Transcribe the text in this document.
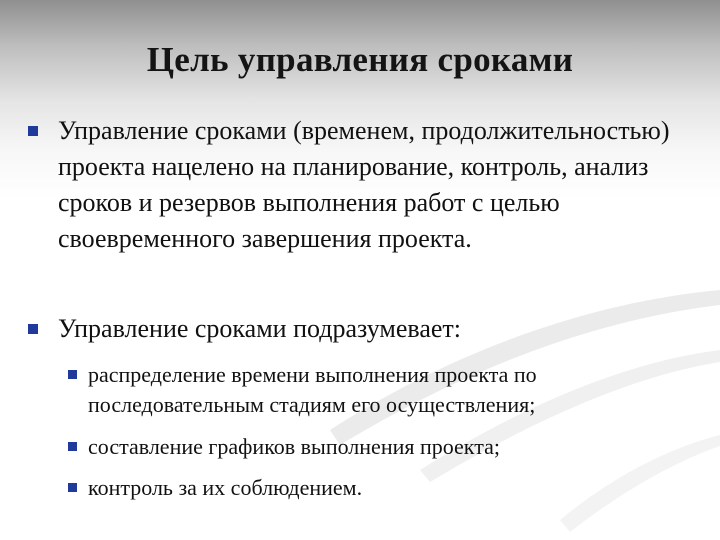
Цель управления сроками
Управление сроками (временем, продолжительностью) проекта нацелено на планирование, контроль, анализ сроков и резервов выполнения работ с целью своевременного завершения проекта.
Управление сроками подразумевает:
распределение времени выполнения проекта по последовательным стадиям его осуществления;
составление графиков выполнения проекта;
контроль за их соблюдением.
